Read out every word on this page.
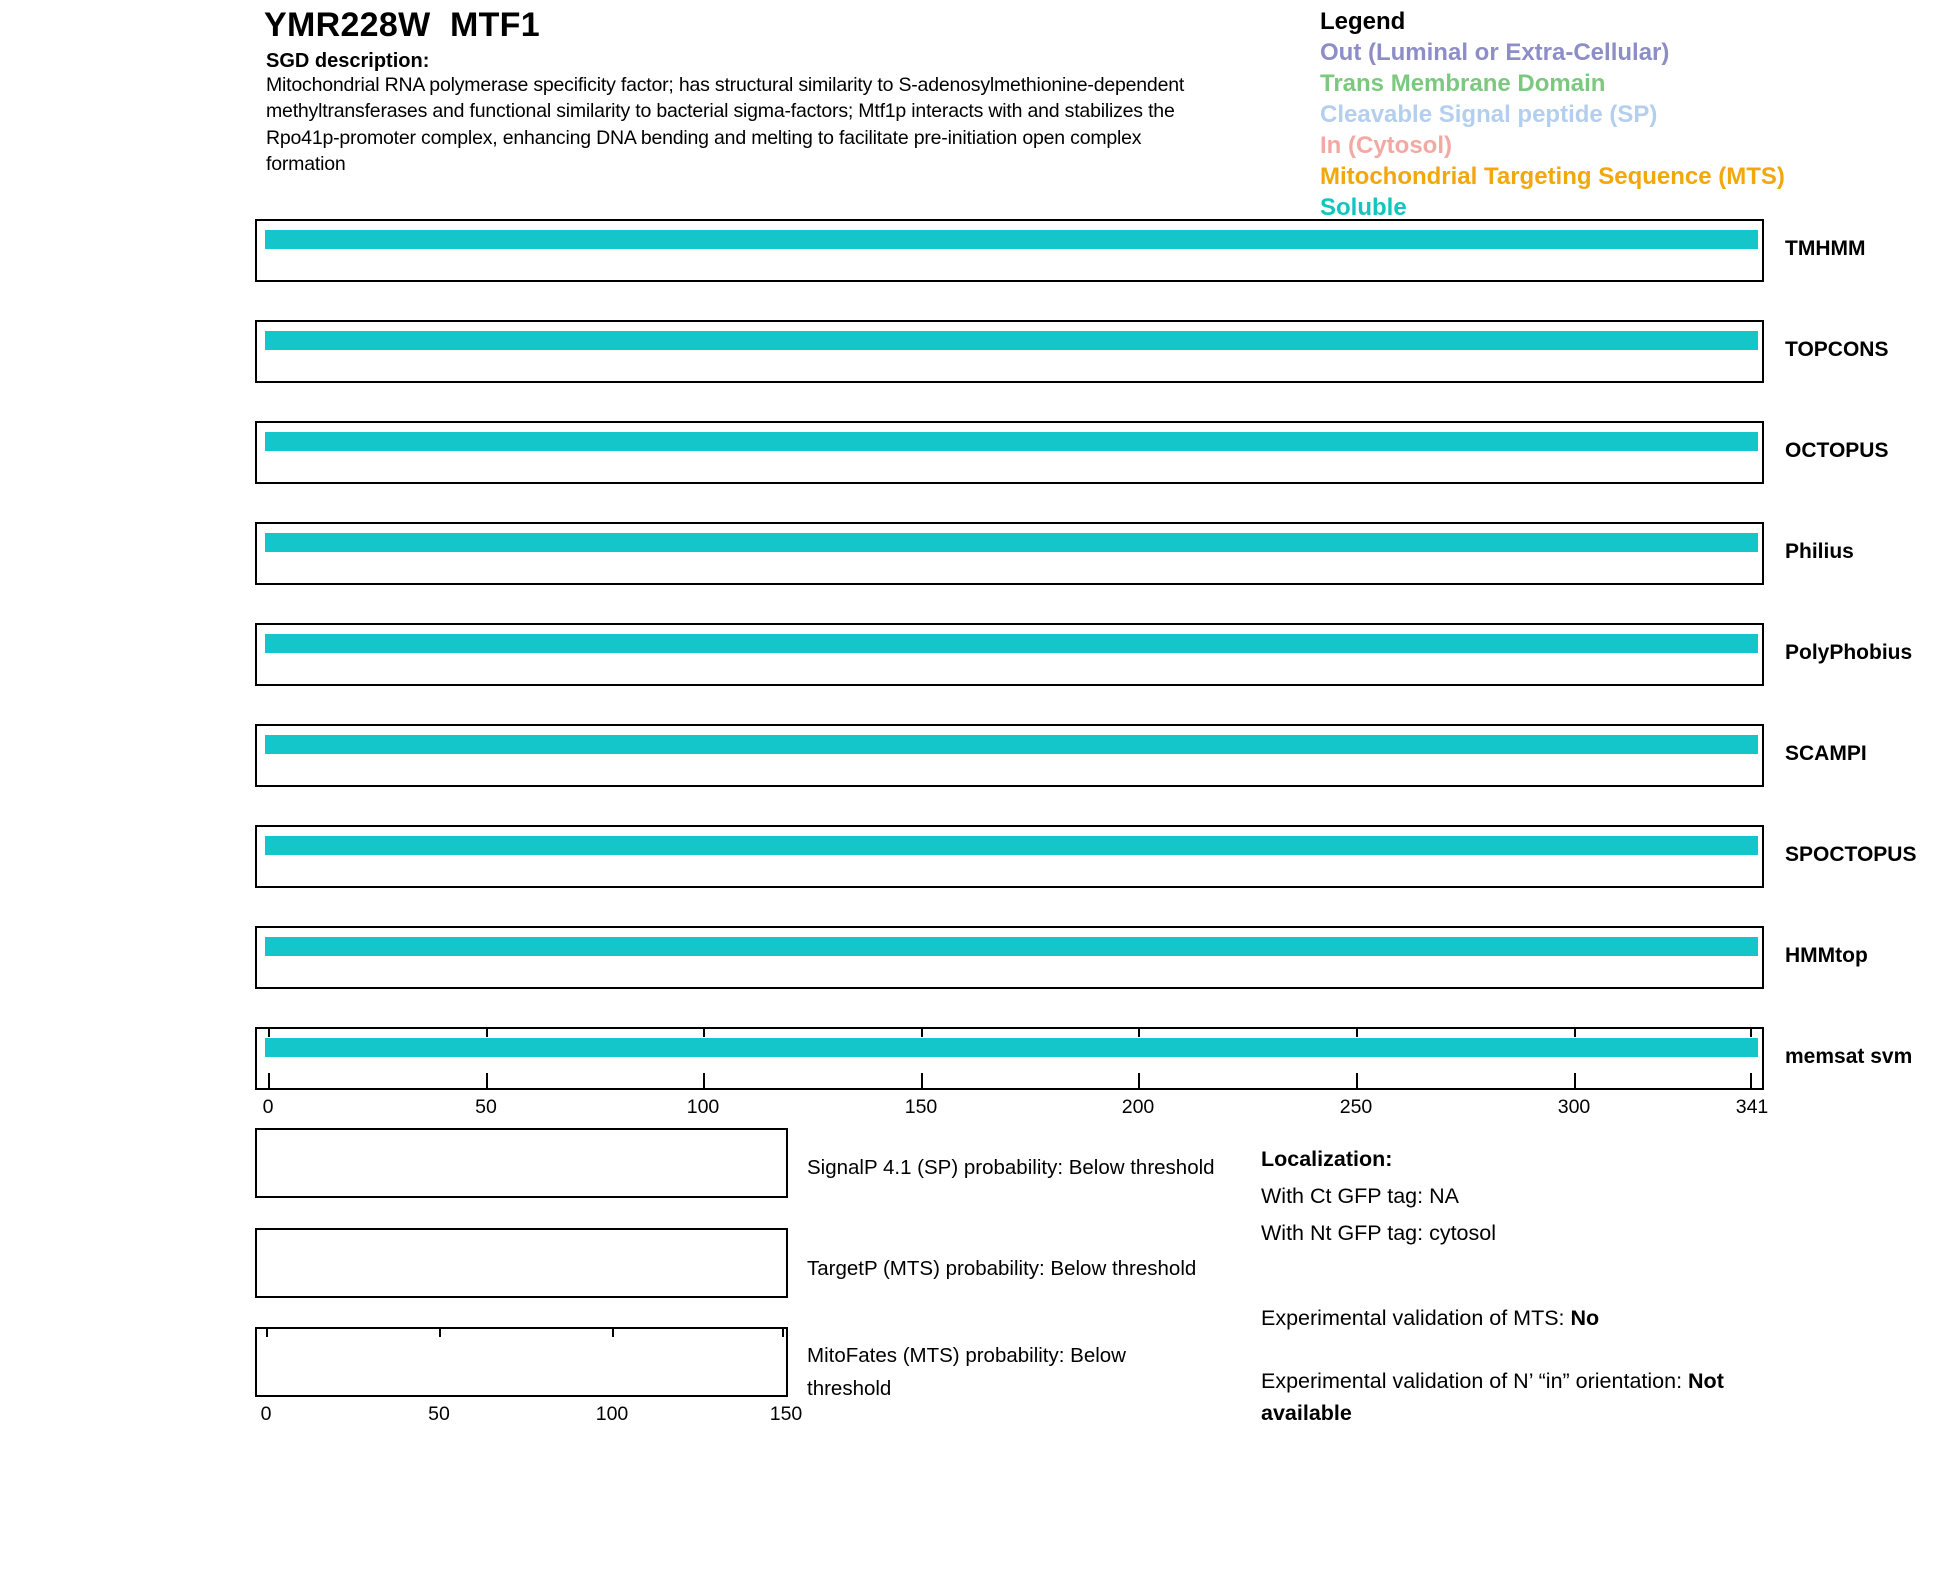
YMR228W  MTF1
SGD description:
Mitochondrial RNA polymerase specificity factor; has structural similarity to S-adenosylmethionine-dependent
methyltransferases and functional similarity to bacterial sigma-factors; Mtf1p interacts with and stabilizes the
Rpo41p-promoter complex, enhancing DNA bending and melting to facilitate pre-initiation open complex
formation
Legend
Out (Luminal or Extra-Cellular)
Trans Membrane Domain
Cleavable Signal peptide (SP)
In (Cytosol)
Mitochondrial Targeting Sequence (MTS)
Soluble
TMHMM
TOPCONS
OCTOPUS
Philius
PolyPhobius
SCAMPI
SPOCTOPUS
HMMtop
memsat svm
0	50	100	150	200	250	300	341
SignalP 4.1 (SP) probability: Below threshold
TargetP (MTS) probability: Below threshold
MitoFates (MTS) probability: Below threshold
0	50	100	150
Localization:
With Ct GFP tag: NA
With Nt GFP tag: cytosol
Experimental validation of MTS: No
Experimental validation of N’ “in” orientation: Not
available
